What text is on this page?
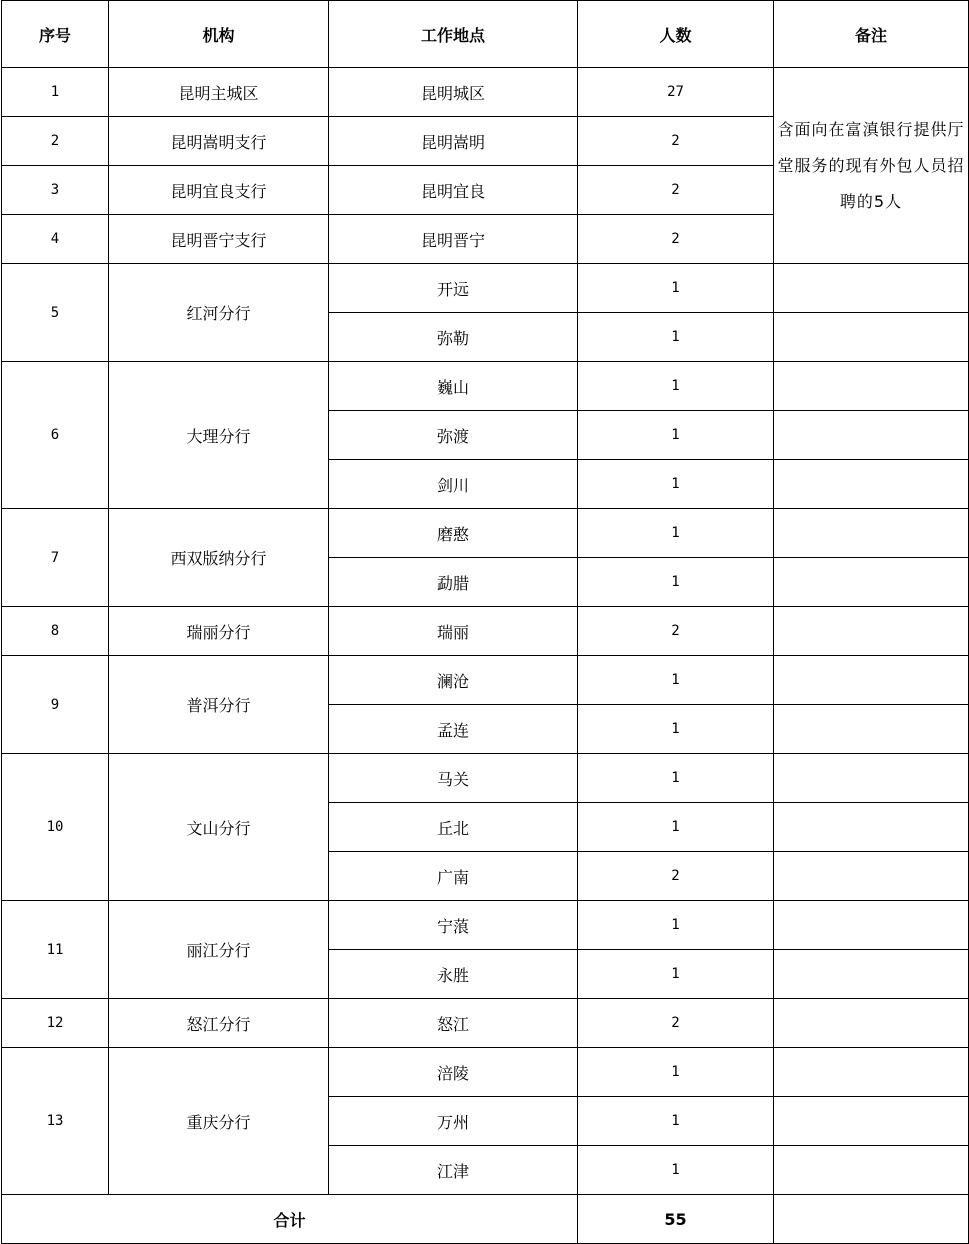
序号	机构	工作地点	人数	备注
1	昆明主城区	昆明城区	27	含面向在富滇银行提供厅堂服务的现有外包人员招聘的5人
2	昆明嵩明支行	昆明嵩明	2	
3	昆明宜良支行	昆明宜良	2	
4	昆明晋宁支行	昆明晋宁	2	
5	红河分行	开远	1	
		弥勒	1	
6	大理分行	巍山	1	
		弥渡	1	
		剑川	1	
7	西双版纳分行	磨憨	1	
		勐腊	1	
8	瑞丽分行	瑞丽	2	
9	普洱分行	澜沧	1	
		孟连	1	
10	文山分行	马关	1	
		丘北	1	
		广南	2	
11	丽江分行	宁蒗	1	
		永胜	1	
12	怒江分行	怒江	2	
13	重庆分行	涪陵	1	
		万州	1	
		江津	1	
合计			55	
